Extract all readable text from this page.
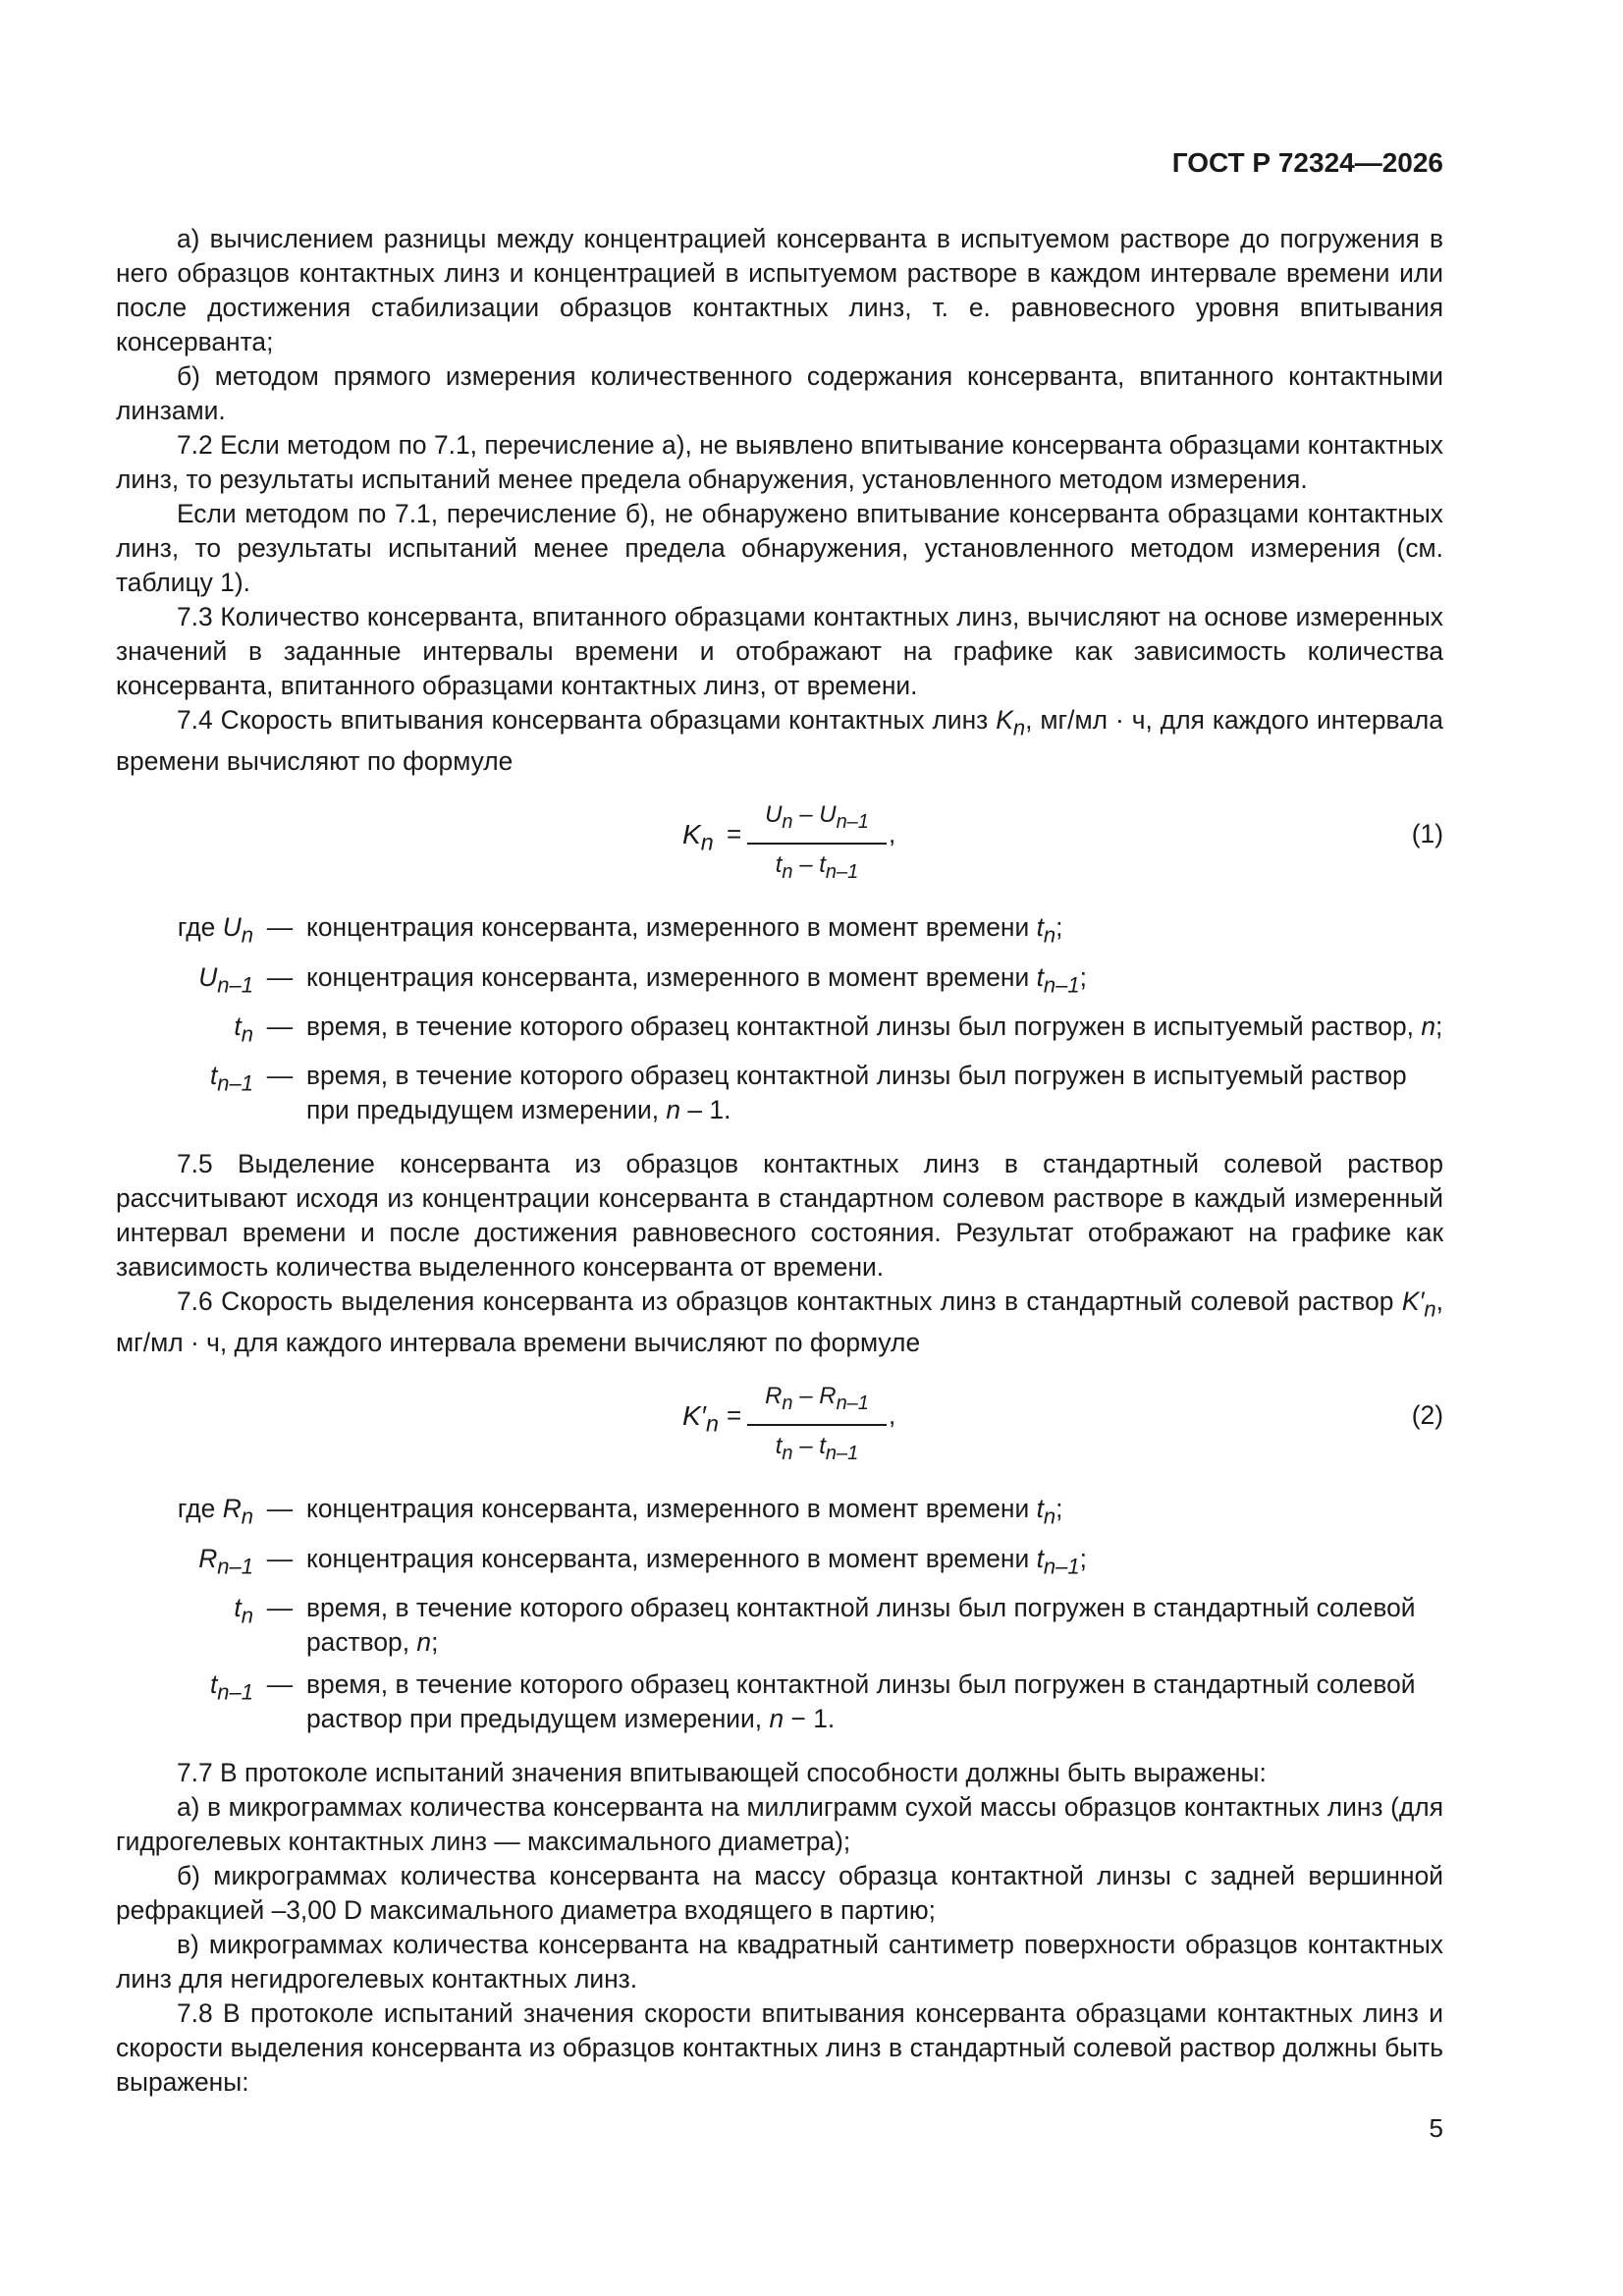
ГОСТ Р 72324—2026

а) вычислением разницы между концентрацией консерванта в испытуемом растворе до погружения в него образцов контактных линз и концентрацией в испытуемом растворе в каждом интервале времени или после достижения стабилизации образцов контактных линз, т. е. равновесного уровня впитывания консерванта;

б) методом прямого измерения количественного содержания консерванта, впитанного контактными линзами.

7.2 Если методом по 7.1, перечисление а), не выявлено впитывание консерванта образцами контактных линз, то результаты испытаний менее предела обнаружения, установленного методом измерения.

Если методом по 7.1, перечисление б), не обнаружено впитывание консерванта образцами контактных линз, то результаты испытаний менее предела обнаружения, установленного методом измерения (см. таблицу 1).

7.3 Количество консерванта, впитанного образцами контактных линз, вычисляют на основе измеренных значений в заданные интервалы времени и отображают на графике как зависимость количества консерванта, впитанного образцами контактных линз, от времени.

7.4 Скорость впитывания консерванта образцами контактных линз $K_n$, мг/мл · ч, для каждого интервала времени вычисляют по формуле

$K_n$ =
$U_n - U_{n-1}$
$t_n - t_{n-1}$
,	(1)
где $U_n$ — концентрация консерванта, измеренного в момент времени $t_n$;
$U_{n-1}$ — концентрация консерванта, измеренного в момент времени $t_{n-1}$;
$t_n$ — время, в течение которого образец контактной линзы был погружен в испытуемый раствор, n;
$t_{n-1}$ — время, в течение которого образец контактной линзы был погружен в испытуемый раствор при предыдущем измерении, n – 1.

7.5 Выделение консерванта из образцов контактных линз в стандартный солевой раствор рассчитывают исходя из концентрации консерванта в стандартном солевом растворе в каждый измеренный интервал времени и после достижения равновесного состояния. Результат отображают на графике как зависимость количества выделенного консерванта от времени.

7.6 Скорость выделения консерванта из образцов контактных линз в стандартный солевой раствор $K'_n$, мг/мл · ч, для каждого интервала времени вычисляют по формуле

$K'_n$ =
$R_n - R_{n-1}$
$t_n - t_{n-1}$
,	(2)
где $R_n$ — концентрация консерванта, измеренного в момент времени $t_n$;
$R_{n-1}$ — концентрация консерванта, измеренного в момент времени $t_{n-1}$;
$t_n$ — время, в течение которого образец контактной линзы был погружен в стандартный солевой раствор, n;
$t_{n-1}$ — время, в течение которого образец контактной линзы был погружен в стандартный солевой раствор при предыдущем измерении, n − 1.

7.7 В протоколе испытаний значения впитывающей способности должны быть выражены:

а) в микрограммах количества консерванта на миллиграмм сухой массы образцов контактных линз (для гидрогелевых контактных линз — максимального диаметра);

б) микрограммах количества консерванта на массу образца контактной линзы с задней вершинной рефракцией –3,00 D максимального диаметра входящего в партию;

в) микрограммах количества консерванта на квадратный сантиметр поверхности образцов контактных линз для негидрогелевых контактных линз.

7.8 В протоколе испытаний значения скорости впитывания консерванта образцами контактных линз и скорости выделения консерванта из образцов контактных линз в стандартный солевой раствор должны быть выражены:

5
